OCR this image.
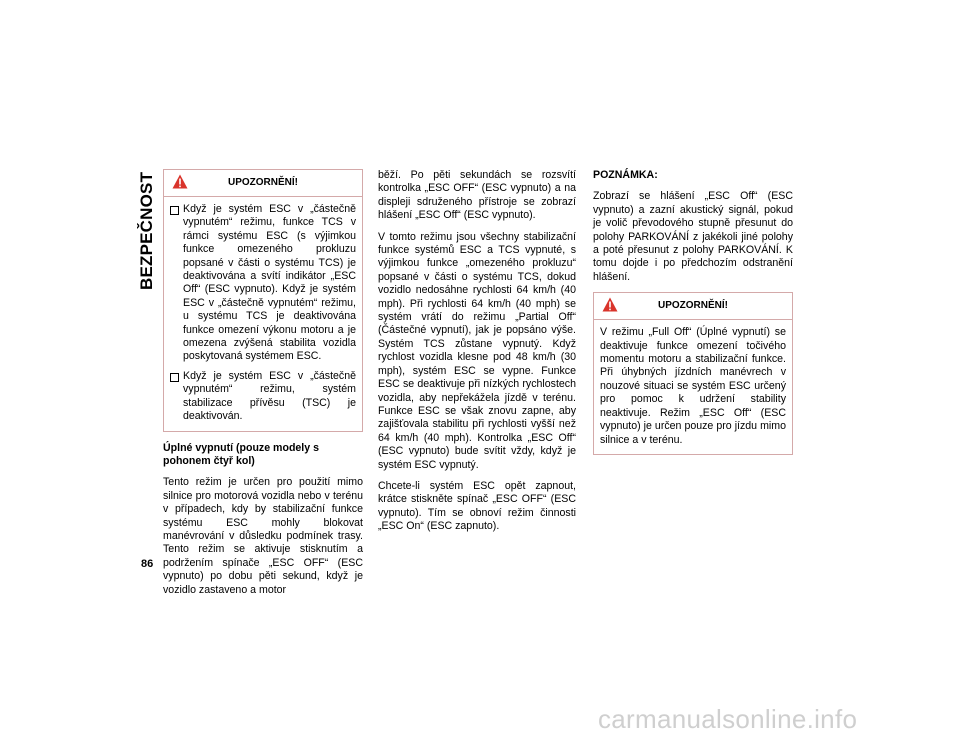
BEZPEČNOST
86
UPOZORNĚNÍ!
Když je systém ESC v „částečně vypnutém“ režimu, funkce TCS v rámci systému ESC (s výjimkou funkce omezeného prokluzu popsané v části o systému TCS) je deaktivována a svítí indikátor „ESC Off“ (ESC vypnuto). Když je systém ESC v „částečně vypnutém“ režimu, u systému TCS je deaktivována funkce omezení výkonu motoru a je omezena zvýšená stabilita vozidla poskytovaná systémem ESC.
Když je systém ESC v „částečně vypnutém“ režimu, systém stabilizace přívěsu (TSC) je deaktivován.

Úplné vypnutí (pouze modely s pohonem čtyř kol)

Tento režim je určen pro použití mimo silnice pro motorová vozidla nebo v terénu v případech, kdy by stabilizační funkce systému ESC mohly blokovat manévrování v důsledku podmínek trasy. Tento režim se aktivuje stisknutím a podržením spínače „ESC OFF“ (ESC vypnuto) po dobu pěti sekund, když je vozidlo zastaveno a motor

běží. Po pěti sekundách se rozsvítí kontrolka „ESC OFF“ (ESC vypnuto) a na displeji sdruženého přístroje se zobrazí hlášení „ESC Off“ (ESC vypnuto).

V tomto režimu jsou všechny stabilizační funkce systémů ESC a TCS vypnuté, s výjimkou funkce „omezeného prokluzu“ popsané v části o systému TCS, dokud vozidlo nedosáhne rychlosti 64 km/h (40 mph). Při rychlosti 64 km/h (40 mph) se systém vrátí do režimu „Partial Off“ (Částečné vypnutí), jak je popsáno výše. Systém TCS zůstane vypnutý. Když rychlost vozidla klesne pod 48 km/h (30 mph), systém ESC se vypne. Funkce ESC se deaktivuje při nízkých rychlostech vozidla, aby nepřekážela jízdě v terénu. Funkce ESC se však znovu zapne, aby zajišťovala stabilitu při rychlosti vyšší než 64 km/h (40 mph). Kontrolka „ESC Off“ (ESC vypnuto) bude svítit vždy, když je systém ESC vypnutý.

Chcete-li systém ESC opět zapnout, krátce stiskněte spínač „ESC OFF“ (ESC vypnuto). Tím se obnoví režim činnosti „ESC On“ (ESC zapnuto).

POZNÁMKA:

Zobrazí se hlášení „ESC Off“ (ESC vypnuto) a zazní akustický signál, pokud je volič převodového stupně přesunut do polohy PARKOVÁNÍ z jakékoli jiné polohy a poté přesunut z polohy PARKOVÁNÍ. K tomu dojde i po předchozím odstranění hlášení.

UPOZORNĚNÍ!
V režimu „Full Off“ (Úplné vypnutí) se deaktivuje funkce omezení točivého momentu motoru a stabilizační funkce. Při úhybných jízdních manévrech v nouzové situaci se systém ESC určený pro pomoc k udržení stability neaktivuje. Režim „ESC Off“ (ESC vypnuto) je určen pouze pro jízdu mimo silnice a v terénu.
carmanualsonline.info
